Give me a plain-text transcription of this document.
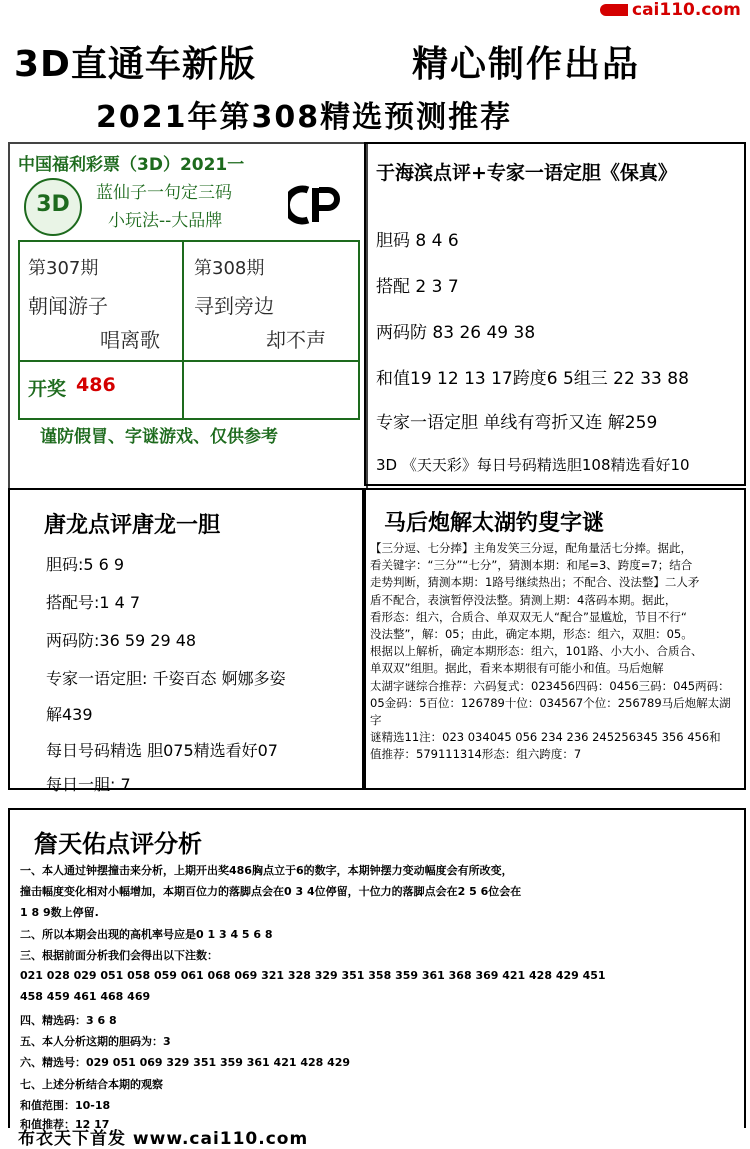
cai110.com
3D直通车新版	精心制作出品
2021年第308精选预测推荐
中国福利彩票（3D）2021一
3D	蓝仙子一句定三码
小玩法--大品牌
第307期
朝闻游子
唱离歌
第308期
寻到旁边
却不声
开奖 486
谨防假冒、字谜游戏、仅供参考
于海滨点评+专家一语定胆《保真》
胆码 8 4 6
搭配 2 3 7
两码防 83 26 49 38
和值19 12 13 17跨度6 5组三 22 33 88
专家一语定胆 单线有弯折又连 解259
3D 《天天彩》每日号码精选胆108精选看好10
唐龙点评唐龙一胆
胆码:5 6 9
搭配号:1 4 7
两码防:36 59 29 48
专家一语定胆: 千姿百态 婀娜多姿
解439
每日号码精选 胆075精选看好07
每日一胆: 7
马后炮解太湖钓叟字谜
【三分逗、七分捧】主角发笑三分逗，配角量活七分捧。据此，
看关键字：“三分”“七分”，猜测本期：和尾=3、跨度=7；结合
走势判断，猜测本期：1路号继续热出；不配合、没法整】二人矛
盾不配合，表演暂停没法整。猜测上期：4落码本期。据此，
看形态：组六，合质合、单双双无人“配合”显尴尬，节目不行“
没法整”，解：05；由此，确定本期，形态：组六，双胆：05。
根据以上解析，确定本期形态：组六，101路、小大小、合质合、
单双双”组胆。据此，看来本期很有可能小和值。马后炮解
太湖字谜综合推荐：六码复式：023456四码：0456三码：045两码：
05金码：5百位：126789十位：034567个位：256789马后炮解太湖字
谜精选11注：023 034045 056 234 236 245256345 356 456和
值推荐：579111314形态：组六跨度：7
詹天佑点评分析
一、本人通过钟摆撞击来分析，上期开出奖486胸点立于6的数字，本期钟摆力变动幅度会有所改变，
撞击幅度变化相对小幅增加，本期百位力的落脚点会在0 3 4位停留，十位力的落脚点会在2 5 6位会在
1 8 9数上停留.
二、所以本期会出现的高机率号应是0 1 3 4 5 6 8
三、根据前面分析我们会得出以下注数：
021 028 029 051 058 059 061 068 069 321 328 329 351 358 359 361 368 369 421 428 429 451
458 459 461 468 469
四、精选码：3 6 8
五、本人分析这期的胆码为：3
六、精选号：029 051 069 329 351 359 361 421 428 429
七、上述分析结合本期的观察
和值范围：10-18
和值推荐：12 17
布衣天下首发 www.cai110.com
